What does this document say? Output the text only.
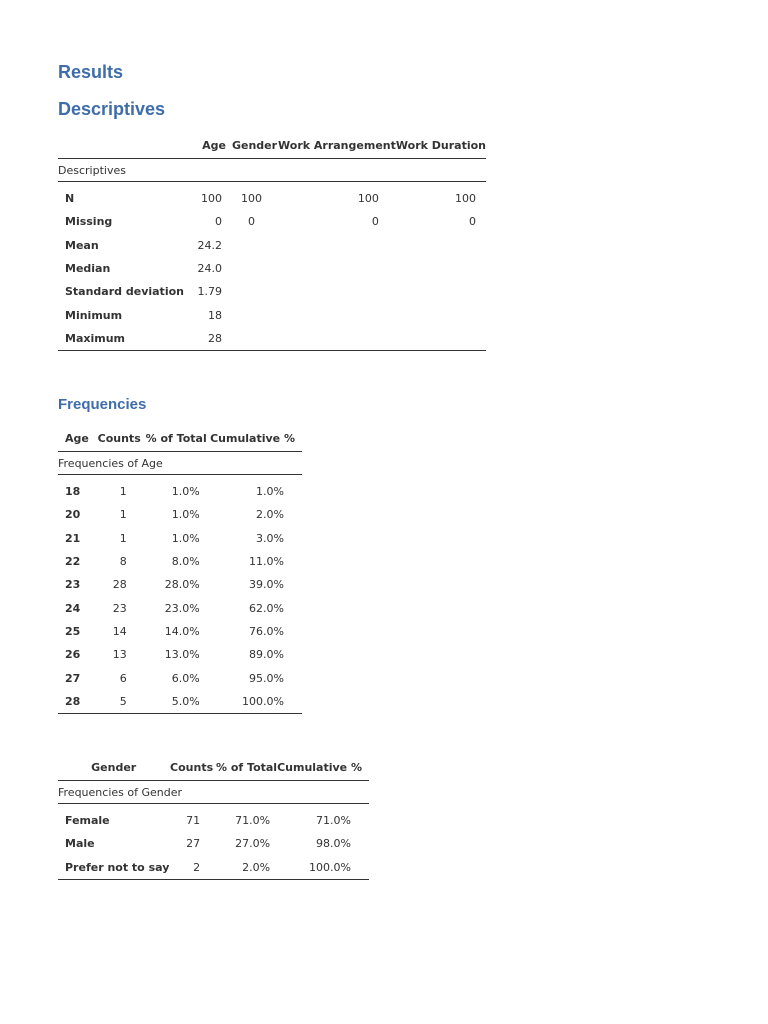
Results
Descriptives
	Age	Gender	Work Arrangement	Work Duration
Descriptives				

N	100	100	100	100
Missing	0	0	0	0
Mean	24.2			
Median	24.0			
Standard deviation	1.79			
Minimum	18			
Maximum	28			
Frequencies
Age	Counts	% of Total	Cumulative %
Frequencies of Age			

18	1	1.0%	1.0%
20	1	1.0%	2.0%
21	1	1.0%	3.0%
22	8	8.0%	11.0%
23	28	28.0%	39.0%
24	23	23.0%	62.0%
25	14	14.0%	76.0%
26	13	13.0%	89.0%
27	6	6.0%	95.0%
28	5	5.0%	100.0%
Gender	Counts	% of Total	Cumulative %
Frequencies of Gender			

Female	71	71.0%	71.0%
Male	27	27.0%	98.0%
Prefer not to say	2	2.0%	100.0%
